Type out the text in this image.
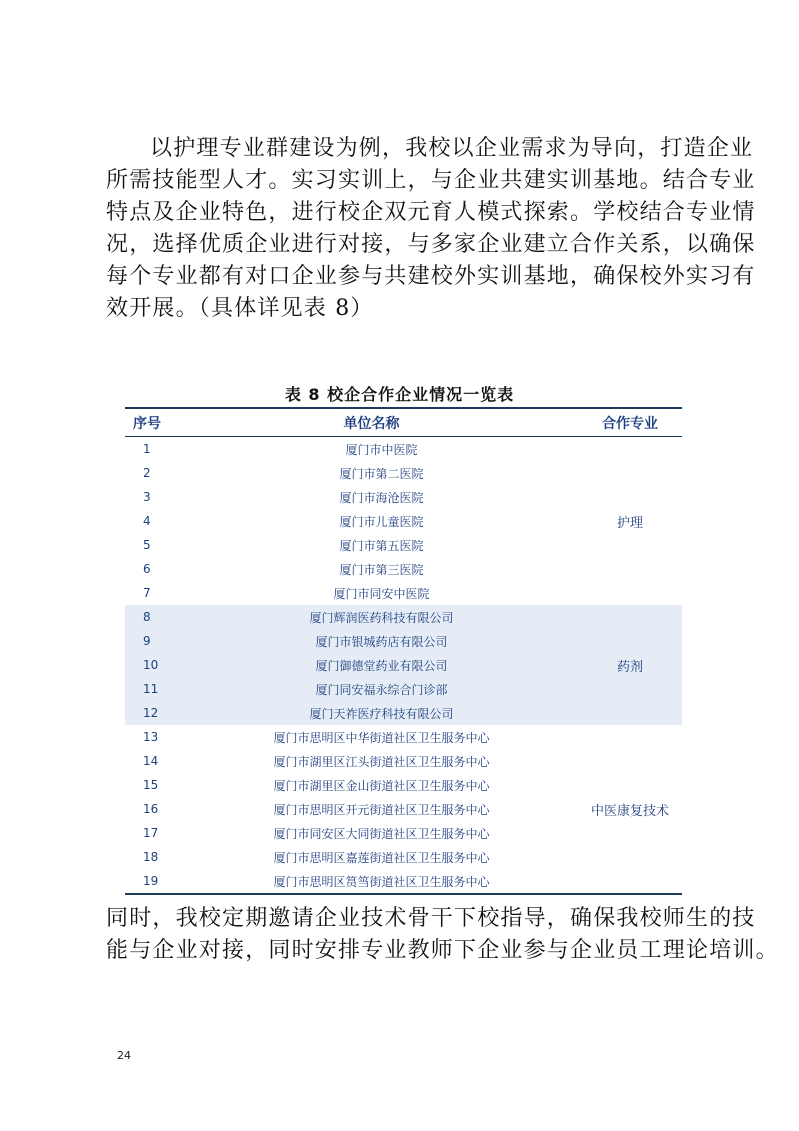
以护理专业群建设为例，我校以企业需求为导向，打造企业
所需技能型人才。实习实训上，与企业共建实训基地。结合专业
特点及企业特色，进行校企双元育人模式探索。学校结合专业情
况，选择优质企业进行对接，与多家企业建立合作关系，以确保
每个专业都有对口企业参与共建校外实训基地，确保校外实习有
效开展。（具体详见表 8）
表 8 校企合作企业情况一览表
序号	单位名称	合作专业
1	厦门市中医院
2	厦门市第二医院
3	厦门市海沧医院
4	厦门市儿童医院
5	厦门市第五医院
6	厦门市第三医院
7	厦门市同安中医院
护理
8	厦门辉润医药科技有限公司
9	厦门市银城药店有限公司
10	厦门御德堂药业有限公司
11	厦门同安福永综合门诊部
12	厦门天祚医疗科技有限公司
药剂
13	厦门市思明区中华街道社区卫生服务中心
14	厦门市湖里区江头街道社区卫生服务中心
15	厦门市湖里区金山街道社区卫生服务中心
16	厦门市思明区开元街道社区卫生服务中心
17	厦门市同安区大同街道社区卫生服务中心
18	厦门市思明区嘉莲街道社区卫生服务中心
19	厦门市思明区筼筜街道社区卫生服务中心
中医康复技术
同时，我校定期邀请企业技术骨干下校指导，确保我校师生的技
能与企业对接，同时安排专业教师下企业参与企业员工理论培训。
24
